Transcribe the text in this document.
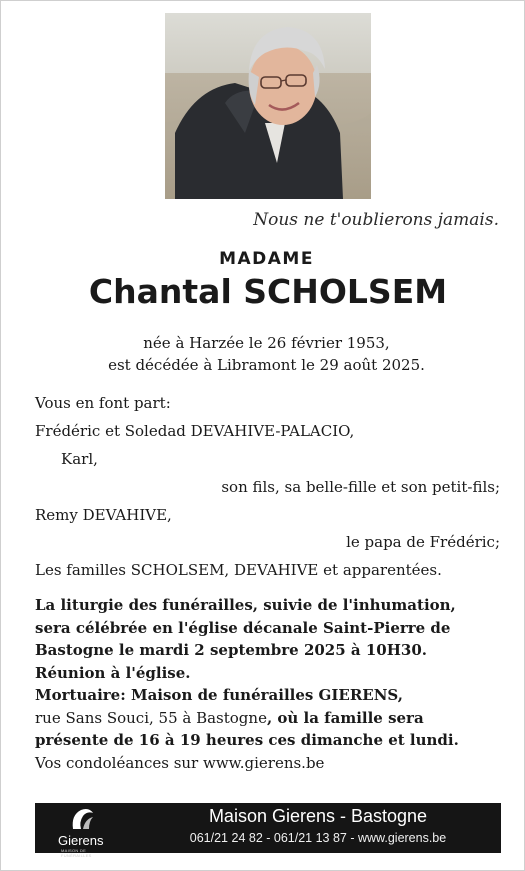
Nous ne t'oublierons jamais.
MADAME
Chantal SCHOLSEM
née à Harzée le 26 février 1953,
est décédée à Libramont le 29 août 2025.
Vous en font part:
Frédéric et Soledad DEVAHIVE-PALACIO,
Karl,
son fils, sa belle-fille et son petit-fils;
Remy DEVAHIVE,
le papa de Frédéric;
Les familles SCHOLSEM, DEVAHIVE et apparentées.
La liturgie des funérailles, suivie de l'inhumation,
sera célébrée en l'église décanale Saint-Pierre de
Bastogne le mardi 2 septembre 2025 à 10H30.
Réunion à l'église.
Mortuaire: Maison de funérailles GIERENS,
rue Sans Souci, 55 à Bastogne, où la famille sera
présente de 16 à 19 heures ces dimanche et lundi.
Vos condoléances sur www.gierens.be
Gierens
MAISON DE FUNÉRAILLES
Maison Gierens - Bastogne
061/21 24 82 - 061/21 13 87 - www.gierens.be
